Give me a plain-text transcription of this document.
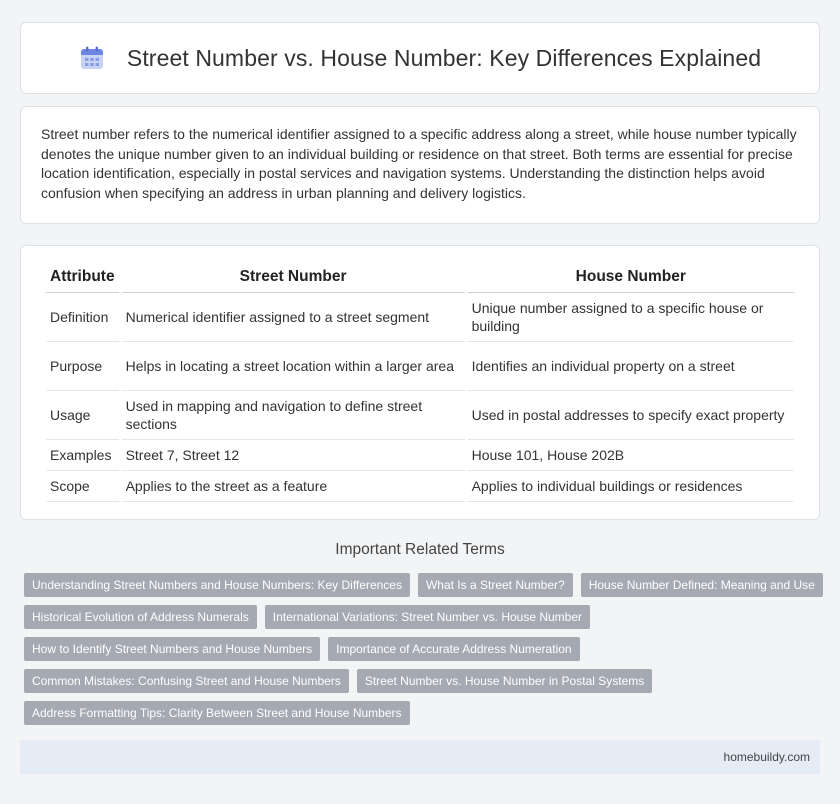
Street Number vs. House Number: Key Differences Explained

Street number refers to the numerical identifier assigned to a specific address along a street, while house number typically denotes the unique number given to an individual building or residence on that street. Both terms are essential for precise location identification, especially in postal services and navigation systems. Understanding the distinction helps avoid confusion when specifying an address in urban planning and delivery logistics.

Attribute	Street Number	House Number
Definition	Numerical identifier assigned to a street segment	Unique number assigned to a specific house or building
Purpose	Helps in locating a street location within a larger area	Identifies an individual property on a street
Usage	Used in mapping and navigation to define street sections	Used in postal addresses to specify exact property
Examples	Street 7, Street 12	House 101, House 202B
Scope	Applies to the street as a feature	Applies to individual buildings or residences
Important Related Terms
Understanding Street Numbers and House Numbers: Key Differences	What Is a Street Number?	House Number Defined: Meaning and Use
Historical Evolution of Address Numerals	International Variations: Street Number vs. House Number
How to Identify Street Numbers and House Numbers	Importance of Accurate Address Numeration
Common Mistakes: Confusing Street and House Numbers	Street Number vs. House Number in Postal Systems
Address Formatting Tips: Clarity Between Street and House Numbers
homebuildy.com
